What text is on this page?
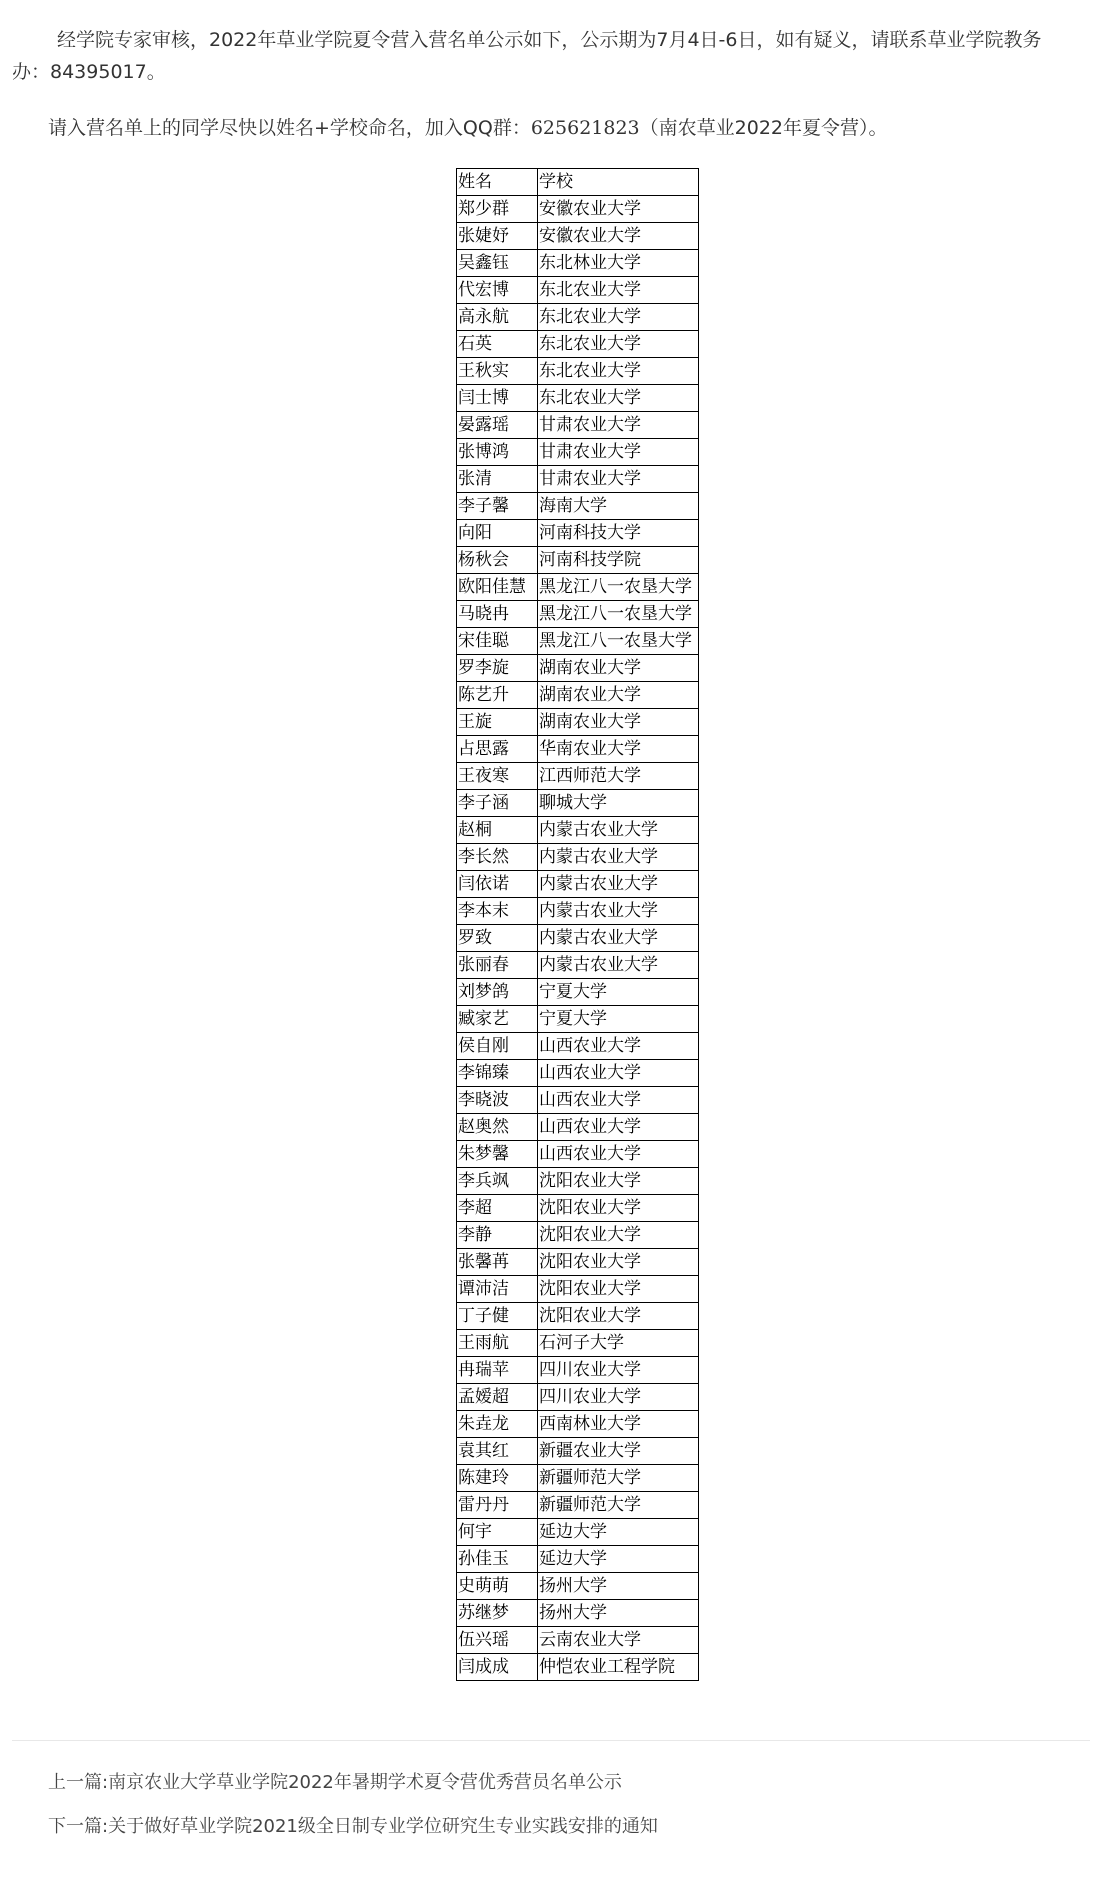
经学院专家审核，2022年草业学院夏令营入营名单公示如下，公示期为7月4日-6日，如有疑义，请联系草业学院教务办：84395017。

请入营名单上的同学尽快以姓名+学校命名，加入QQ群：625621823（南农草业2022年夏令营）。

姓名	学校
郑少群	安徽农业大学
张婕妤	安徽农业大学
吴鑫钰	东北林业大学
代宏博	东北农业大学
高永航	东北农业大学
石英	东北农业大学
王秋实	东北农业大学
闫士博	东北农业大学
晏露瑶	甘肃农业大学
张博鸿	甘肃农业大学
张清	甘肃农业大学
李子馨	海南大学
向阳	河南科技大学
杨秋会	河南科技学院
欧阳佳慧	黑龙江八一农垦大学
马晓冉	黑龙江八一农垦大学
宋佳聪	黑龙江八一农垦大学
罗李旋	湖南农业大学
陈艺升	湖南农业大学
王旋	湖南农业大学
占思露	华南农业大学
王夜寒	江西师范大学
李子涵	聊城大学
赵桐	内蒙古农业大学
李长然	内蒙古农业大学
闫依诺	内蒙古农业大学
李本末	内蒙古农业大学
罗致	内蒙古农业大学
张丽春	内蒙古农业大学
刘梦鸽	宁夏大学
臧家艺	宁夏大学
侯自刚	山西农业大学
李锦臻	山西农业大学
李晓波	山西农业大学
赵奥然	山西农业大学
朱梦馨	山西农业大学
李兵飒	沈阳农业大学
李超	沈阳农业大学
李静	沈阳农业大学
张馨苒	沈阳农业大学
谭沛洁	沈阳农业大学
丁子健	沈阳农业大学
王雨航	石河子大学
冉瑞苹	四川农业大学
孟嫒超	四川农业大学
朱垚龙	西南林业大学
袁其红	新疆农业大学
陈建玲	新疆师范大学
雷丹丹	新疆师范大学
何宇	延边大学
孙佳玉	延边大学
史萌萌	扬州大学
苏继梦	扬州大学
伍兴瑶	云南农业大学
闫成成	仲恺农业工程学院
上一篇:南京农业大学草业学院2022年暑期学术夏令营优秀营员名单公示
下一篇:关于做好草业学院2021级全日制专业学位研究生专业实践安排的通知
